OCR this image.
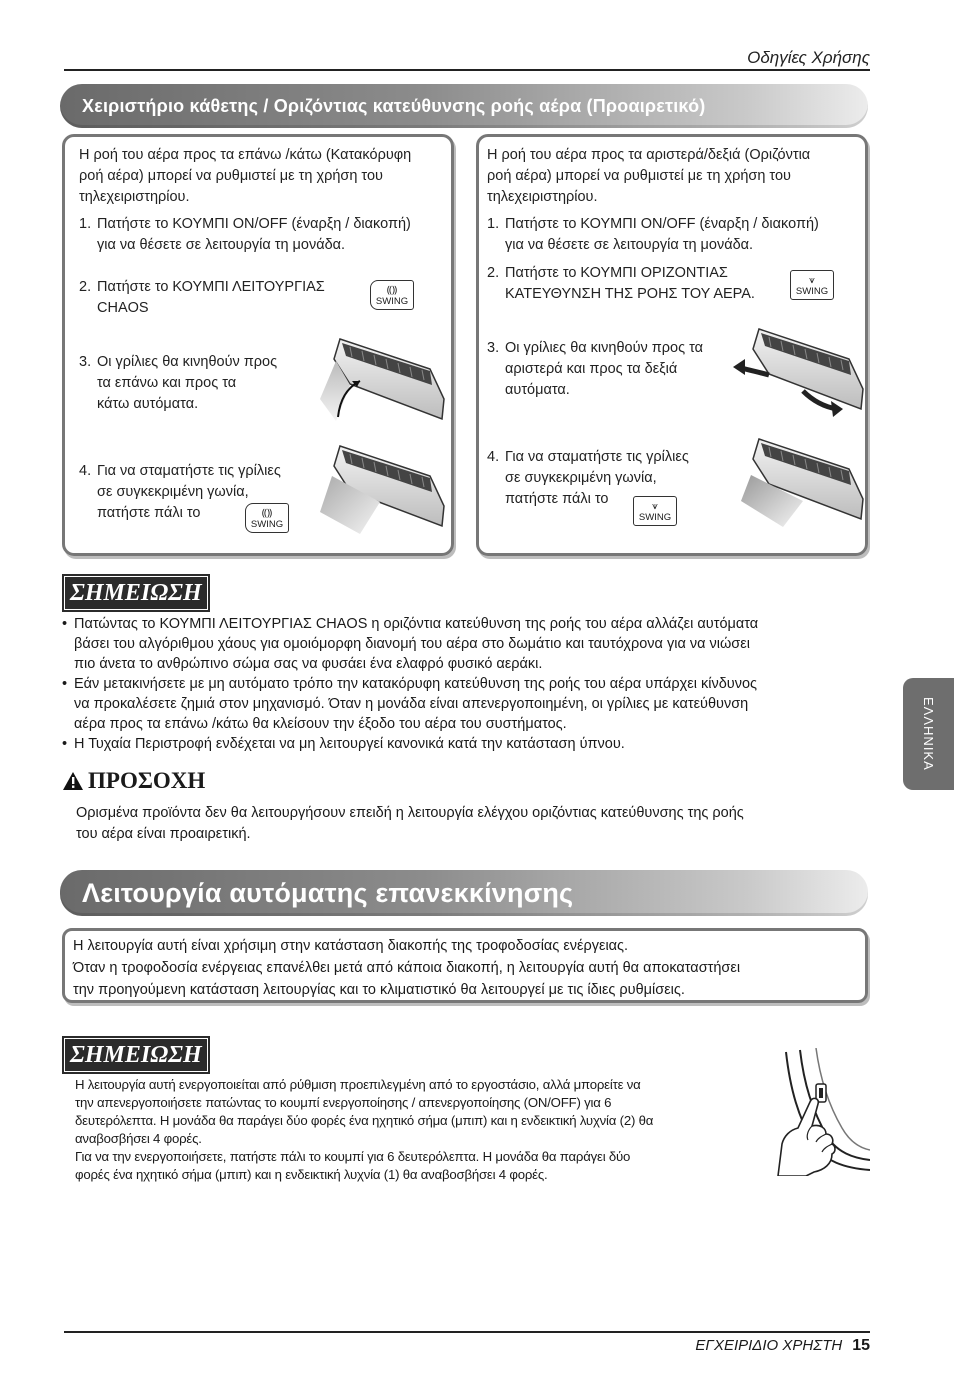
Οδηγίες Χρήσης
Χειριστήριο κάθετης / Οριζόντιας κατεύθυνσης ροής αέρα (Προαιρετικό)

Η ροή του αέρα προς τα επάνω /κάτω (Κατακόρυφη

ροή αέρα) μπορεί να ρυθμιστεί με τη χρήση του

τηλεχειριστηρίου.

1. Πατήστε το ΚΟΥΜΠΙ ON/OFF (έναρξη / διακοπή)

για να θέσετε σε λειτουργία τη μονάδα.

2. Πατήστε το ΚΟΥΜΠΙ ΛΕΙΤΟΥΡΓΙΑΣ

CHAOS

⸨⸩
SWING
3. Οι γρίλιες θα κινηθούν προς

τα επάνω και προς τα

κάτω αυτόματα.

4. Για να σταματήστε τις γρίλιες

σε συγκεκριμένη γωνία,

πατήστε πάλι το	⸨⸩
SWING

Η ροή του αέρα προς τα αριστερά/δεξιά (Οριζόντια

ροή αέρα) μπορεί να ρυθμιστεί με τη χρήση του

τηλεχειριστηρίου.

1. Πατήστε το ΚΟΥΜΠΙ ON/OFF (έναρξη / διακοπή)

για να θέσετε σε λειτουργία τη μονάδα.

2. Πατήστε το ΚΟΥΜΠΙ ΟΡΙΖΟΝΤΙΑΣ

ΚΑΤΕΥΘΥΝΣΗ ΤΗΣ ΡΟΗΣ ΤΟΥ ΑΕΡΑ.

⩛
SWING
3. Οι γρίλιες θα κινηθούν προς τα

αριστερά και προς τα δεξιά

αυτόματα.

4. Για να σταματήστε τις γρίλιες

σε συγκεκριμένη γωνία,

πατήστε πάλι το	⩛
SWING
ΣΗΜΕΙΩΣΗ
• Πατώντας το ΚΟΥΜΠΙ ΛΕΙΤΟΥΡΓΙΑΣ CHAOS η οριζόντια κατεύθυνση της ροής του αέρα αλλάζει αυτόματα

βάσει του αλγόριθμου χάους για ομοιόμορφη διανομή του αέρα στο δωμάτιο και ταυτόχρονα για να νιώσει

πιο άνετα το ανθρώπινο σώμα σας να φυσάει ένα ελαφρό φυσικό αεράκι.

• Εάν μετακινήσετε με μη αυτόματο τρόπο την κατακόρυφη κατεύθυνση της ροής του αέρα υπάρχει κίνδυνος

να προκαλέσετε ζημιά στον μηχανισμό. Όταν η μονάδα είναι απενεργοποιημένη, οι γρίλιες με κατεύθυνση

αέρα προς τα επάνω /κάτω θα κλείσουν την έξοδο του αέρα του συστήματος.

• Η Τυχαία Περιστροφή ενδέχεται να μη λειτουργεί κανονικά κατά την κατάσταση ύπνου.

ΠΡΟΣΟΧΗ

Ορισμένα προϊόντα δεν θα λειτουργήσουν επειδή η λειτουργία ελέγχου οριζόντιας κατεύθυνσης της ροής

του αέρα είναι προαιρετική.

Λειτουργία αυτόματης επανεκκίνησης

Η λειτουργία αυτή είναι χρήσιμη στην κατάσταση διακοπής της τροφοδοσίας ενέργειας.

Όταν η τροφοδοσία ενέργειας επανέλθει μετά από κάποια διακοπή, η λειτουργία αυτή θα αποκαταστήσει

την προηγούμενη κατάσταση λειτουργίας και το κλιματιστικό θα λειτουργεί με τις ίδιες ρυθμίσεις.

ΣΗΜΕΙΩΣΗ

Η λειτουργία αυτή ενεργοποιείται από ρύθμιση προεπιλεγμένη από το εργοστάσιο, αλλά μπορείτε να

την απενεργοποιήσετε πατώντας το κουμπί ενεργοποίησης / απενεργοποίησης (ON/OFF) για 6

δευτερόλεπτα. Η μονάδα θα παράγει δύο φορές ένα ηχητικό σήμα (μπιπ) και η ενδεικτική λυχνία (2) θα

αναβοσβήσει 4 φορές.

Για να την ενεργοποιήσετε, πατήστε πάλι το κουμπί για 6 δευτερόλεπτα. Η μονάδα θα παράγει δύο

φορές ένα ηχητικό σήμα (μπιπ) και η ενδεικτική λυχνία (1) θα αναβοσβήσει 4 φορές.

ΕΛΛΗΝΙΚΑ
ΕΓΧΕΙΡΙΔΙΟ ΧΡΗΣΤΗ 15
